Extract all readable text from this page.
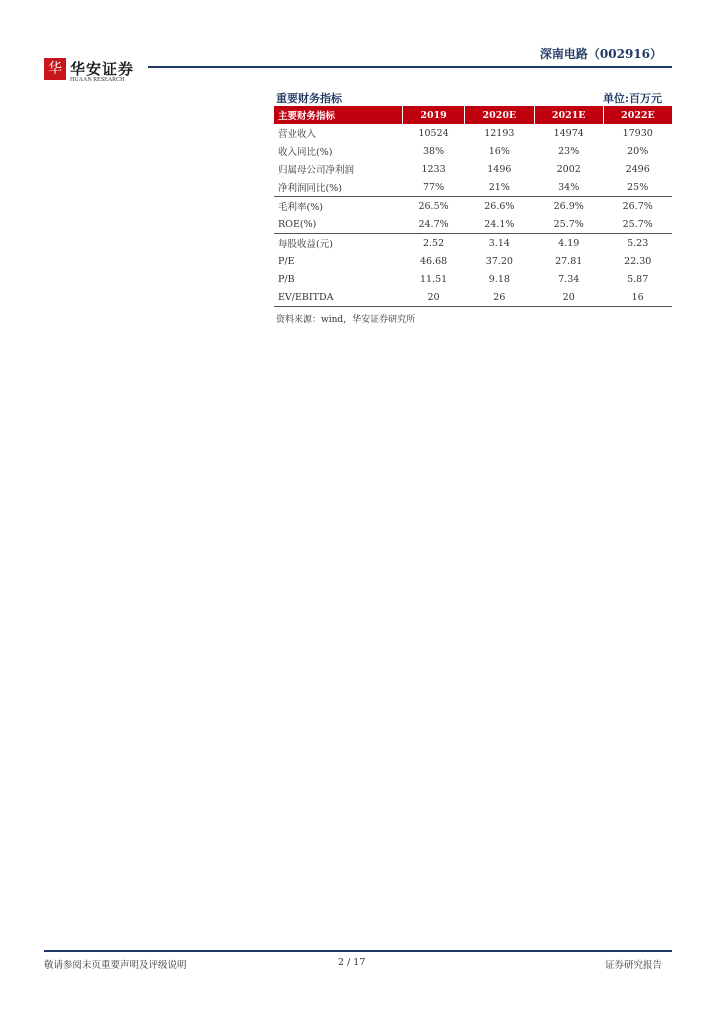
华 华安证券
HUAAN RESEARCH
深南电路（002916）
重要财务指标	单位:百万元
主要财务指标	2019	2020E	2021E	2022E
营业收入	10524	12193	14974	17930
收入同比(%)	38%	16%	23%	20%
归属母公司净利润	1233	1496	2002	2496
净利润同比(%)	77%	21%	34%	25%
毛利率(%)	26.5%	26.6%	26.9%	26.7%
ROE(%)	24.7%	24.1%	25.7%	25.7%
每股收益(元)	2.52	3.14	4.19	5.23
P/E	46.68	37.20	27.81	22.30
P/B	11.51	9.18	7.34	5.87
EV/EBITDA	20	26	20	16
资料来源：wind，华安证券研究所
敬请参阅末页重要声明及评级说明	2 / 17	证券研究报告
